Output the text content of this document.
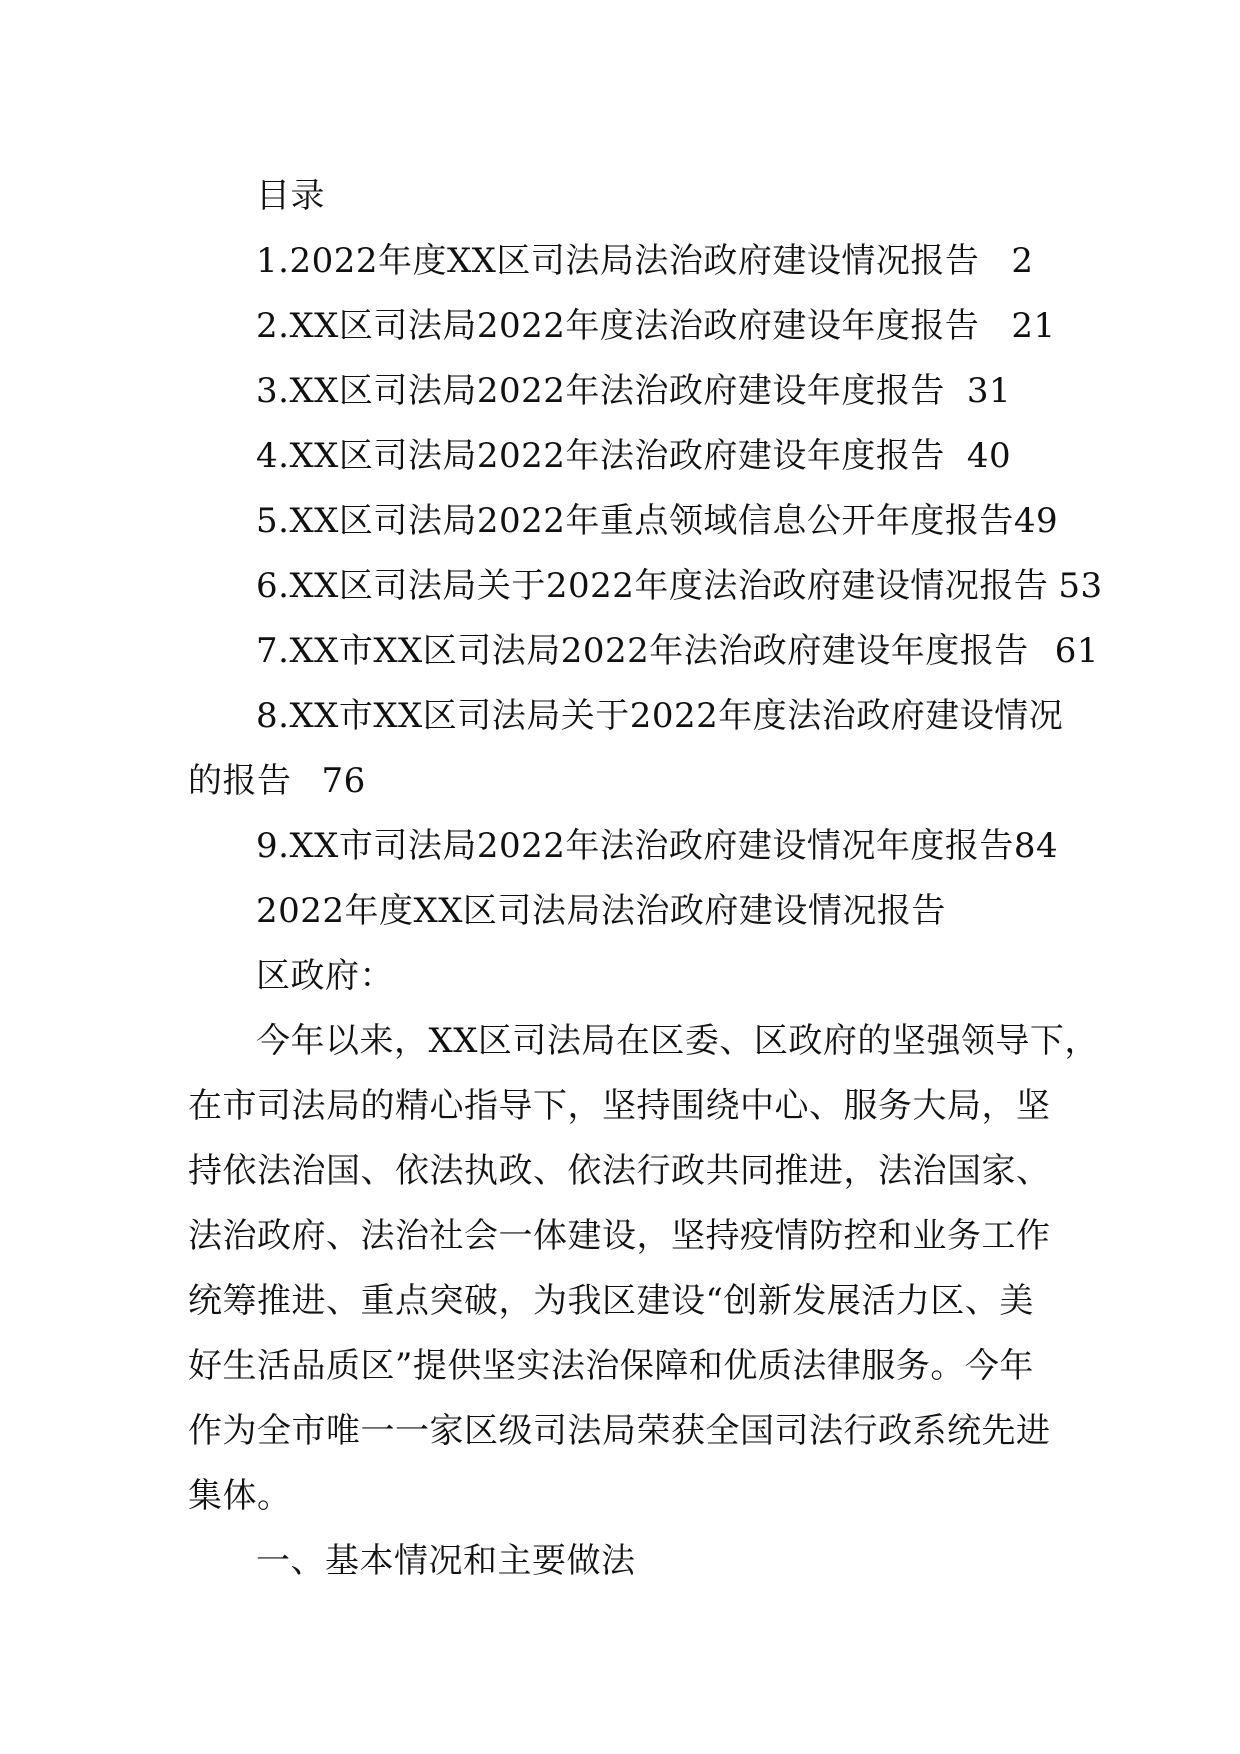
目录
1.2022年度XX区司法局法治政府建设情况报告 2
2.XX区司法局2022年度法治政府建设年度报告 21
3.XX区司法局2022年法治政府建设年度报告 31
4.XX区司法局2022年法治政府建设年度报告 40
5.XX区司法局2022年重点领域信息公开年度报告49
6.XX区司法局关于2022年度法治政府建设情况报告 53
7.XX市XX区司法局2022年法治政府建设年度报告 61
8.XX市XX区司法局关于2022年度法治政府建设情况
的报告 76
9.XX市司法局2022年法治政府建设情况年度报告84
2022年度XX区司法局法治政府建设情况报告
区政府：
今年以来，XX区司法局在区委、区政府的坚强领导下，
在市司法局的精心指导下，坚持围绕中心、服务大局，坚
持依法治国、依法执政、依法行政共同推进，法治国家、
法治政府、法治社会一体建设，坚持疫情防控和业务工作
统筹推进、重点突破，为我区建设“创新发展活力区、美
好生活品质区”提供坚实法治保障和优质法律服务。今年
作为全市唯一一家区级司法局荣获全国司法行政系统先进
集体。
一、基本情况和主要做法
